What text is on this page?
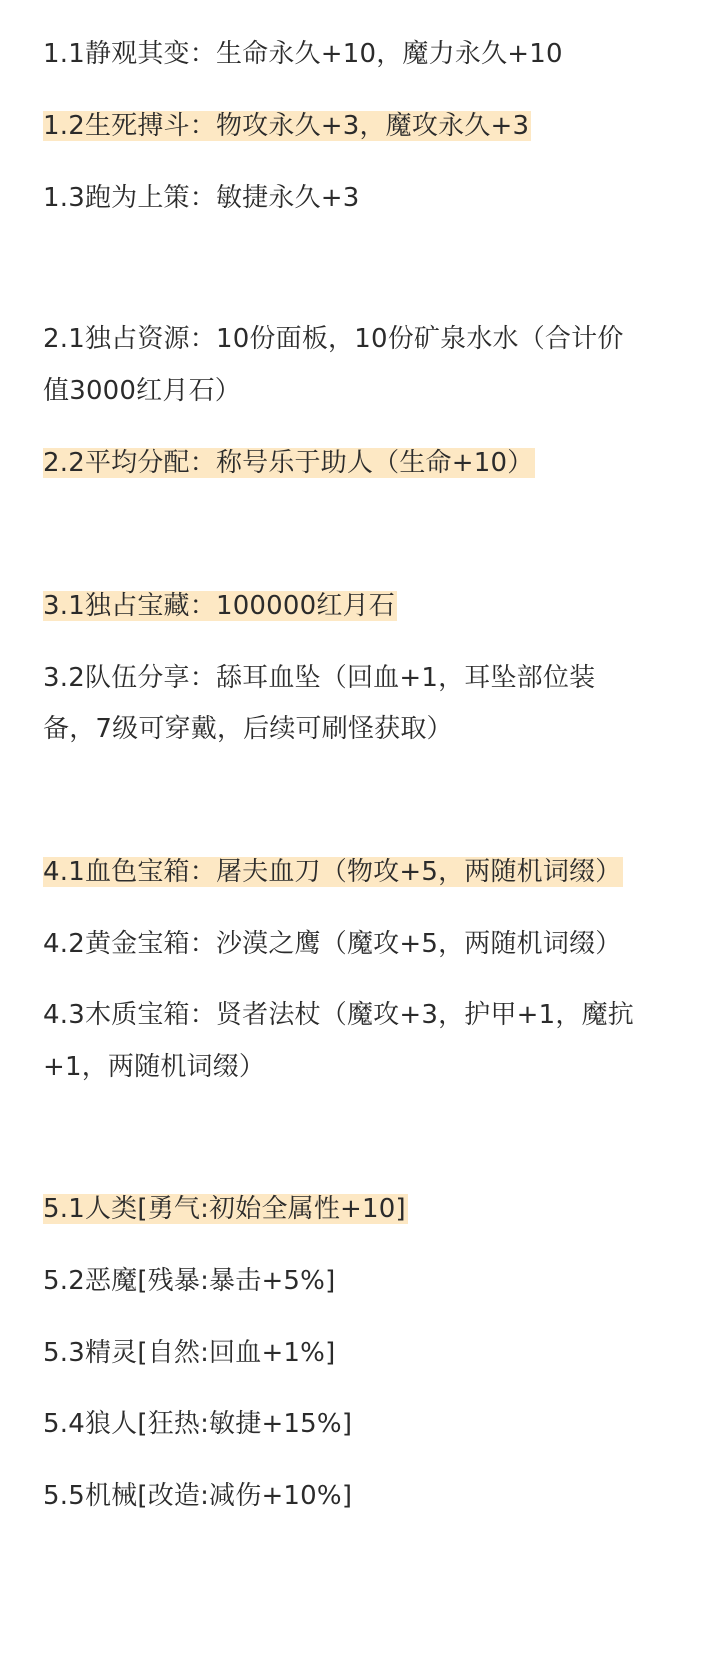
1.1静观其变：生命永久+10，魔力永久+10
1.2生死搏斗：物攻永久+3，魔攻永久+3
1.3跑为上策：敏捷永久+3
2.1独占资源：10份面板，10份矿泉水水（合计价
值3000红月石）
2.2平均分配：称号乐于助人（生命+10）
3.1独占宝藏：100000红月石
3.2队伍分享：舔耳血坠（回血+1，耳坠部位装
备，7级可穿戴，后续可刷怪获取）
4.1血色宝箱：屠夫血刀（物攻+5，两随机词缀）
4.2黄金宝箱：沙漠之鹰（魔攻+5，两随机词缀）
4.3木质宝箱：贤者法杖（魔攻+3，护甲+1，魔抗
+1，两随机词缀）
5.1人类[勇气:初始全属性+10]
5.2恶魔[残暴:暴击+5%]
5.3精灵[自然:回血+1%]
5.4狼人[狂热:敏捷+15%]
5.5机械[改造:减伤+10%]
